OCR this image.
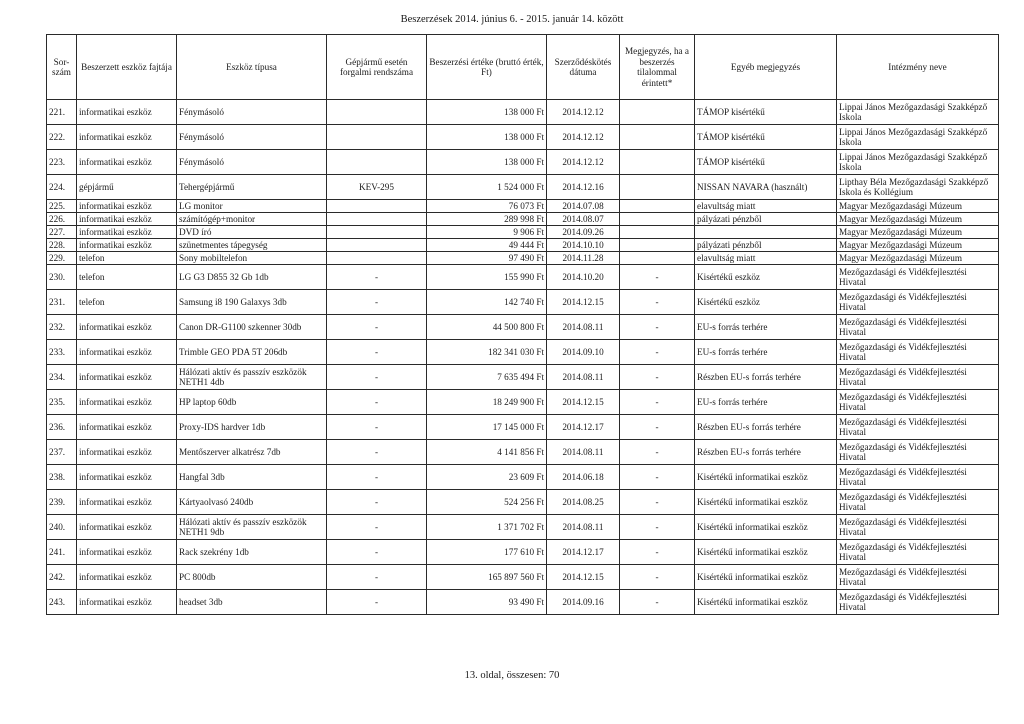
Beszerzések 2014. június 6. - 2015. január 14. között
Sor-
szám	Beszerzett eszköz fajtája	Eszköz típusa	Gépjármű esetén forgalmi rendszáma	Beszerzési értéke (bruttó érték, Ft)	Szerződéskötés dátuma	Megjegyzés, ha a beszerzés tilalommal érintett*	Egyéb megjegyzés	Intézmény neve
221.	informatikai eszköz	Fénymásoló		138 000 Ft	2014.12.12		TÁMOP kisértékű	Lippai János Mezőgazdasági Szakképző Iskola
222.	informatikai eszköz	Fénymásoló		138 000 Ft	2014.12.12		TÁMOP kisértékű	Lippai János Mezőgazdasági Szakképző Iskola
223.	informatikai eszköz	Fénymásoló		138 000 Ft	2014.12.12		TÁMOP kisértékű	Lippai János Mezőgazdasági Szakképző Iskola
224.	gépjármű	Tehergépjármű	KEV-295	1 524 000 Ft	2014.12.16		NISSAN NAVARA (használt)	Lipthay Béla Mezőgazdasági Szakképző Iskola és Kollégium
225.	informatikai eszköz	LG monitor		76 073 Ft	2014.07.08		elavultság miatt	Magyar Mezőgazdasági Múzeum
226.	informatikai eszköz	számítógép+monitor		289 998 Ft	2014.08.07		pályázati pénzből	Magyar Mezőgazdasági Múzeum
227.	informatikai eszköz	DVD író		9 906 Ft	2014.09.26			Magyar Mezőgazdasági Múzeum
228.	informatikai eszköz	szünetmentes tápegység		49 444 Ft	2014.10.10		pályázati pénzből	Magyar Mezőgazdasági Múzeum
229.	telefon	Sony mobiltelefon		97 490 Ft	2014.11.28		elavultság miatt	Magyar Mezőgazdasági Múzeum
230.	telefon	LG G3 D855 32 Gb 1db	-	155 990 Ft	2014.10.20	-	Kisértékű eszköz	Mezőgazdasági és Vidékfejlesztési Hivatal
231.	telefon	Samsung i8 190 Galaxys 3db	-	142 740 Ft	2014.12.15	-	Kisértékű eszköz	Mezőgazdasági és Vidékfejlesztési Hivatal
232.	informatikai eszköz	Canon DR-G1100 szkenner 30db	-	44 500 800 Ft	2014.08.11	-	EU-s forrás terhére	Mezőgazdasági és Vidékfejlesztési Hivatal
233.	informatikai eszköz	Trimble GEO PDA 5T 206db	-	182 341 030 Ft	2014.09.10	-	EU-s forrás terhére	Mezőgazdasági és Vidékfejlesztési Hivatal
234.	informatikai eszköz	Hálózati aktív és passzív eszközök NETH1 4db	-	7 635 494 Ft	2014.08.11	-	Részben EU-s forrás terhére	Mezőgazdasági és Vidékfejlesztési Hivatal
235.	informatikai eszköz	HP laptop 60db	-	18 249 900 Ft	2014.12.15	-	EU-s forrás terhére	Mezőgazdasági és Vidékfejlesztési Hivatal
236.	informatikai eszköz	Proxy-IDS hardver 1db	-	17 145 000 Ft	2014.12.17	-	Részben EU-s forrás terhére	Mezőgazdasági és Vidékfejlesztési Hivatal
237.	informatikai eszköz	Mentőszerver alkatrész 7db	-	4 141 856 Ft	2014.08.11	-	Részben EU-s forrás terhére	Mezőgazdasági és Vidékfejlesztési Hivatal
238.	informatikai eszköz	Hangfal 3db	-	23 609 Ft	2014.06.18	-	Kisértékű informatikai eszköz	Mezőgazdasági és Vidékfejlesztési Hivatal
239.	informatikai eszköz	Kártyaolvasó 240db	-	524 256 Ft	2014.08.25	-	Kisértékű informatikai eszköz	Mezőgazdasági és Vidékfejlesztési Hivatal
240.	informatikai eszköz	Hálózati aktív és passzív eszközök NETH1 9db	-	1 371 702 Ft	2014.08.11	-	Kisértékű informatikai eszköz	Mezőgazdasági és Vidékfejlesztési Hivatal
241.	informatikai eszköz	Rack szekrény 1db	-	177 610 Ft	2014.12.17	-	Kisértékű informatikai eszköz	Mezőgazdasági és Vidékfejlesztési Hivatal
242.	informatikai eszköz	PC 800db	-	165 897 560 Ft	2014.12.15	-	Kisértékű informatikai eszköz	Mezőgazdasági és Vidékfejlesztési Hivatal
243.	informatikai eszköz	headset 3db	-	93 490 Ft	2014.09.16	-	Kisértékű informatikai eszköz	Mezőgazdasági és Vidékfejlesztési Hivatal
13. oldal, összesen: 70
